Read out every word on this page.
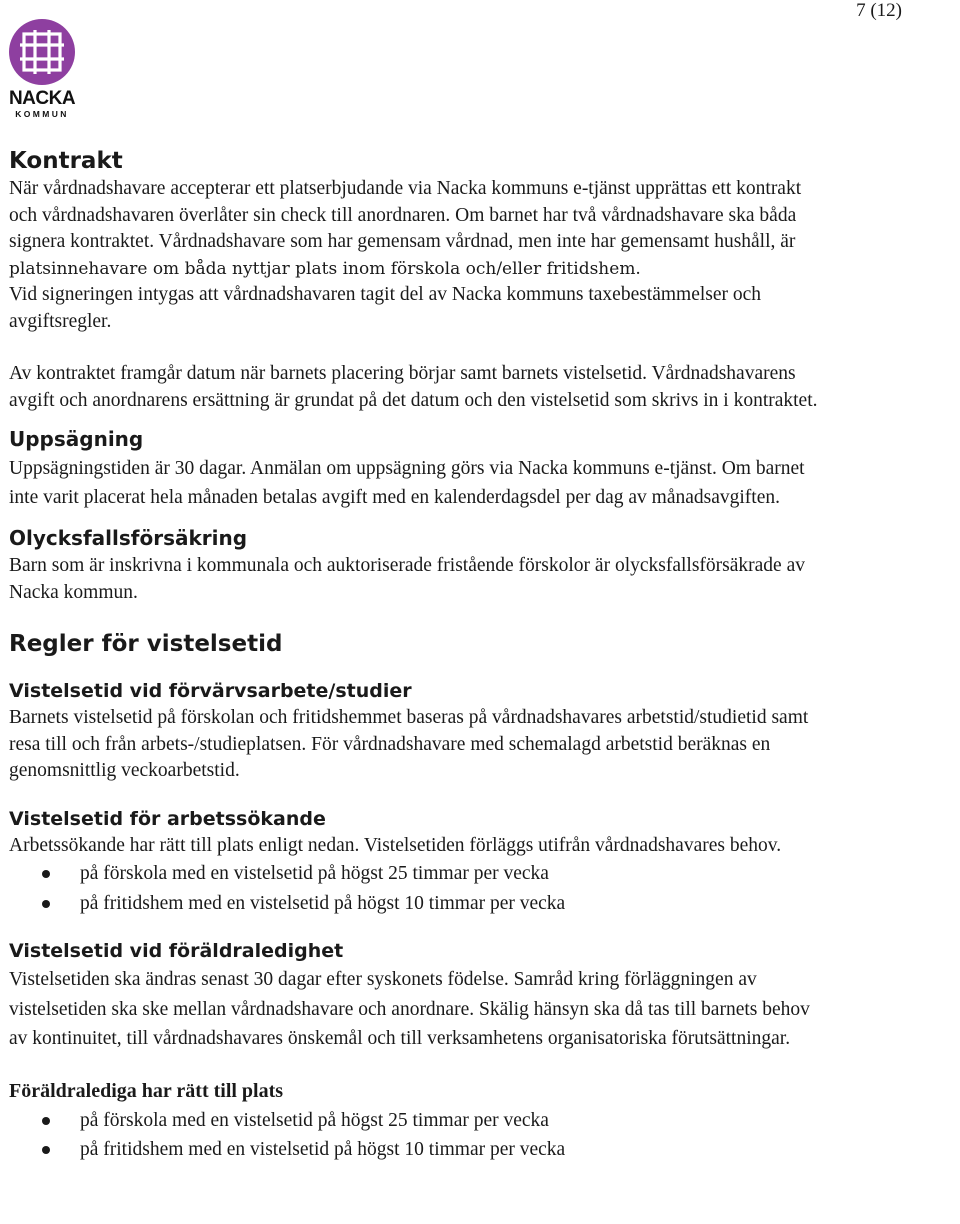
7 (12)
NACKA
KOMMUN
Kontrakt

När vårdnadshavare accepterar ett platserbjudande via Nacka kommuns e-tjänst upprättas ett kontrakt

och vårdnadshavaren överlåter sin check till anordnaren. Om barnet har två vårdnadshavare ska båda

signera kontraktet. Vårdnadshavare som har gemensam vårdnad, men inte har gemensamt hushåll, är

platsinnehavare om båda nyttjar plats inom förskola och/eller fritidshem.

Vid signeringen intygas att vårdnadshavaren tagit del av Nacka kommuns taxebestämmelser och

avgiftsregler.

Av kontraktet framgår datum när barnets placering börjar samt barnets vistelsetid. Vårdnadshavarens

avgift och anordnarens ersättning är grundat på det datum och den vistelsetid som skrivs in i kontraktet.

Uppsägning

Uppsägningstiden är 30 dagar. Anmälan om uppsägning görs via Nacka kommuns e-tjänst. Om barnet

inte varit placerat hela månaden betalas avgift med en kalenderdagsdel per dag av månadsavgiften.

Olycksfallsförsäkring

Barn som är inskrivna i kommunala och auktoriserade fristående förskolor är olycksfallsförsäkrade av

Nacka kommun.

Regler för vistelsetid
Vistelsetid vid förvärvsarbete/studier

Barnets vistelsetid på förskolan och fritidshemmet baseras på vårdnadshavares arbetstid/studietid samt

resa till och från arbets-/studieplatsen. För vårdnadshavare med schemalagd arbetstid beräknas en

genomsnittlig veckoarbetstid.

Vistelsetid för arbetssökande

Arbetssökande har rätt till plats enligt nedan. Vistelsetiden förläggs utifrån vårdnadshavares behov.

på förskola med en vistelsetid på högst 25 timmar per vecka
på fritidshem med en vistelsetid på högst 10 timmar per vecka
Vistelsetid vid föräldraledighet

Vistelsetiden ska ändras senast 30 dagar efter syskonets födelse. Samråd kring förläggningen av

vistelsetiden ska ske mellan vårdnadshavare och anordnare. Skälig hänsyn ska då tas till barnets behov

av kontinuitet, till vårdnadshavares önskemål och till verksamhetens organisatoriska förutsättningar.

Föräldralediga har rätt till plats
på förskola med en vistelsetid på högst 25 timmar per vecka
på fritidshem med en vistelsetid på högst 10 timmar per vecka
